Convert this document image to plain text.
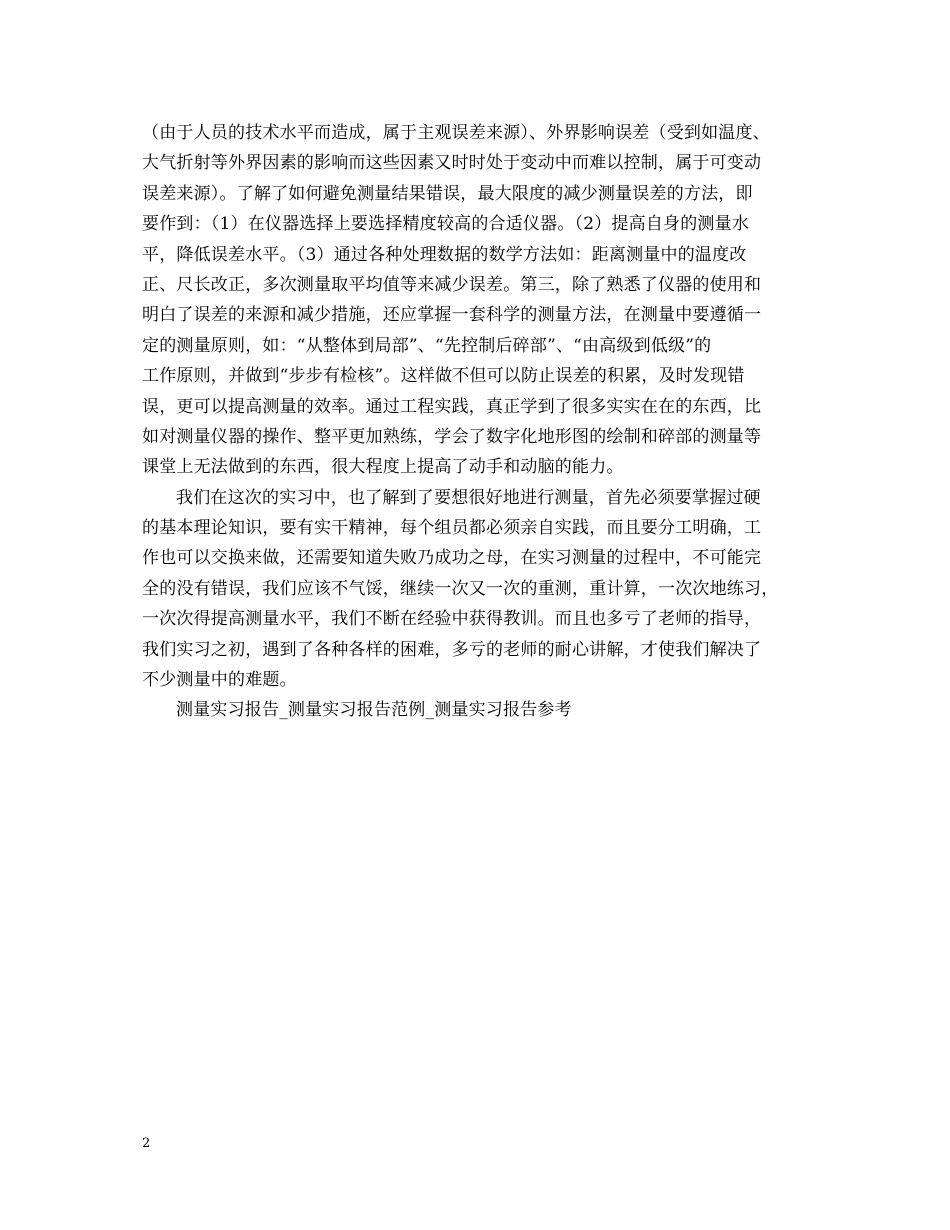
（由于人员的技术水平而造成，属于主观误差来源）、外界影响误差（受到如温度、
大气折射等外界因素的影响而这些因素又时时处于变动中而难以控制，属于可变动
误差来源）。了解了如何避免测量结果错误，最大限度的减少测量误差的方法，即
要作到：（1）在仪器选择上要选择精度较高的合适仪器。（2）提高自身的测量水
平，降低误差水平。（3）通过各种处理数据的数学方法如：距离测量中的温度改
正、尺长改正，多次测量取平均值等来减少误差。第三，除了熟悉了仪器的使用和
明白了误差的来源和减少措施，还应掌握一套科学的测量方法，在测量中要遵循一
定的测量原则，如：“从整体到局部”、“先控制后碎部”、“由高级到低级”的
工作原则，并做到“步步有检核”。这样做不但可以防止误差的积累，及时发现错
误，更可以提高测量的效率。通过工程实践，真正学到了很多实实在在的东西，比
如对测量仪器的操作、整平更加熟练，学会了数字化地形图的绘制和碎部的测量等
课堂上无法做到的东西，很大程度上提高了动手和动脑的能力。
我们在这次的实习中，也了解到了要想很好地进行测量，首先必须要掌握过硬
的基本理论知识，要有实干精神，每个组员都必须亲自实践，而且要分工明确，工
作也可以交换来做，还需要知道失败乃成功之母，在实习测量的过程中，不可能完
全的没有错误，我们应该不气馁，继续一次又一次的重测，重计算，一次次地练习，
一次次得提高测量水平，我们不断在经验中获得教训。而且也多亏了老师的指导，
我们实习之初，遇到了各种各样的困难，多亏的老师的耐心讲解，才使我们解决了
不少测量中的难题。
测量实习报告_测量实习报告范例_测量实习报告参考
2
